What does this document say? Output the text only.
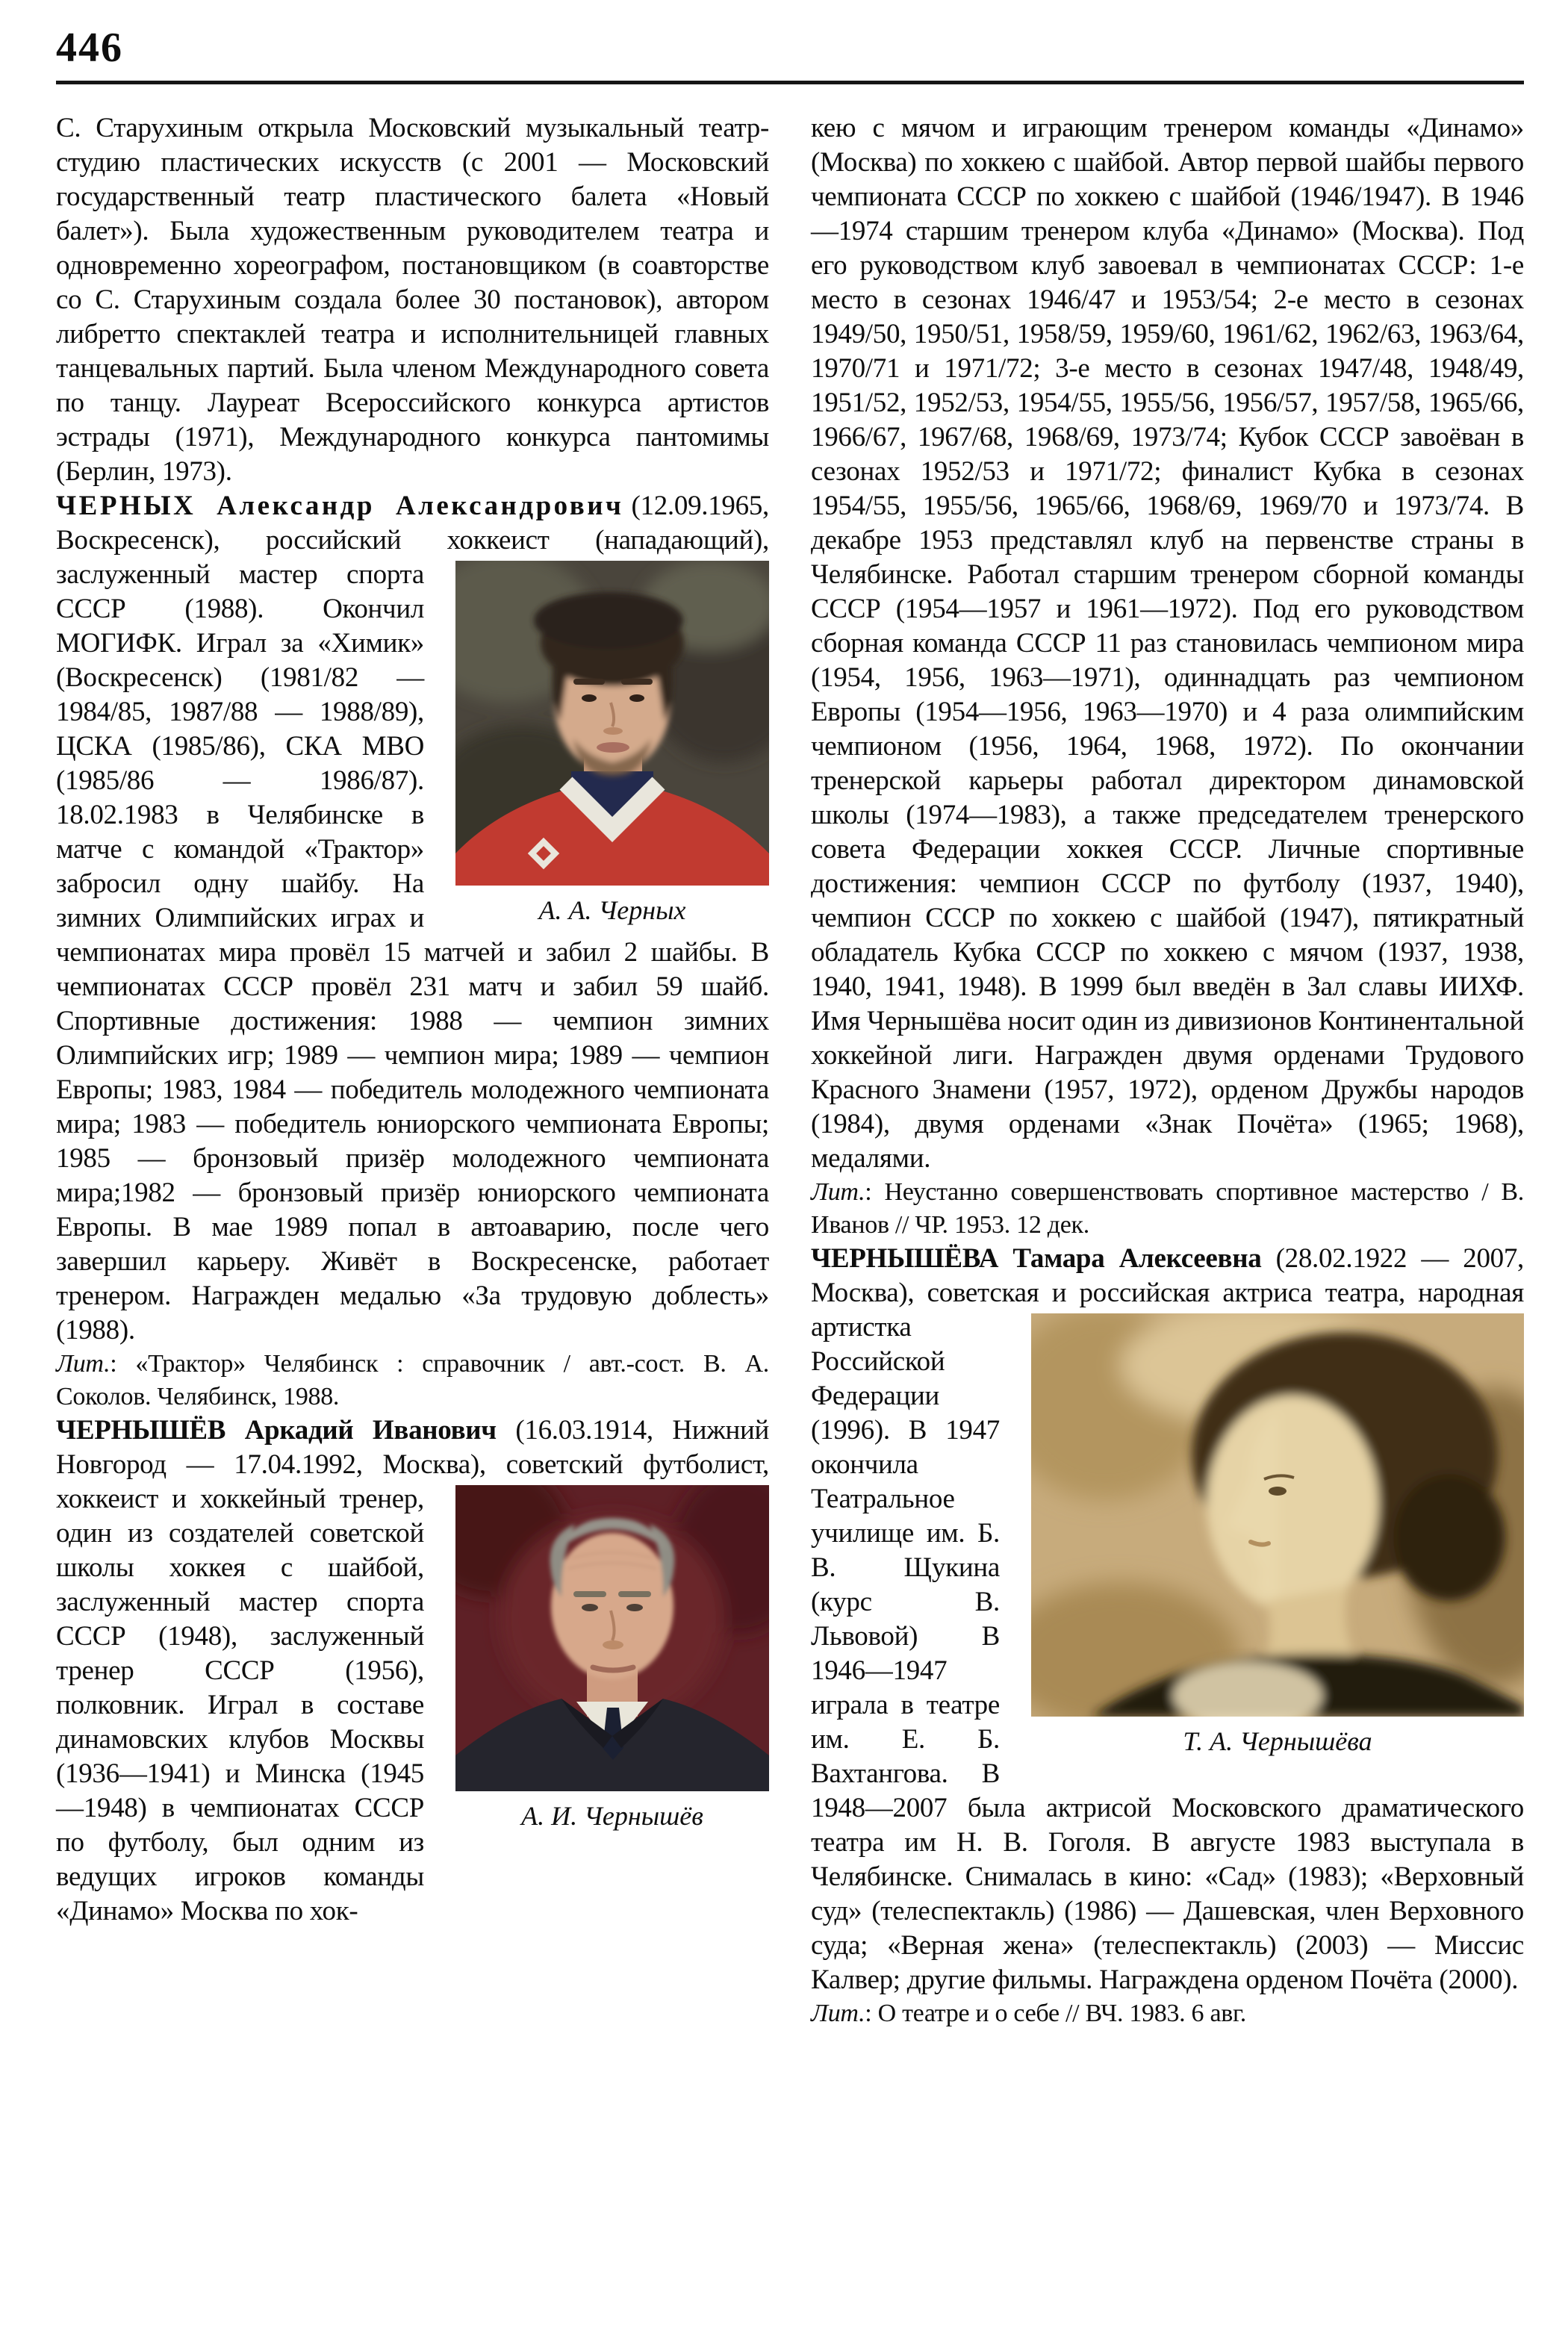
446

С. Старухиным открыла Московский музыкальный театр-студию пластических искусств (с 2001 — Московский государственный театр пластического балета «Новый балет»). Была художественным руководителем театра и одновременно хореографом, постановщиком (в соавторстве со С. Старухиным создала более 30 постановок), автором либретто спектаклей театра и исполнительницей главных танцевальных партий. Была членом Международного совета по танцу. Лауреат Всероссийского конкурса артистов эстрады (1971), Международного конкурса пантомимы (Берлин, 1973).

ЧЕРНЫХ Александр Александрович (12.09.1965, Воскресенск), российский хоккеист
А. А. Черных
(нападающий), заслуженный мастер спорта СССР (1988). Окончил МОГИФК. Играл за «Химик» (Воскресенск) (1981/82 — 1984/85, 1987/88 — 1988/89), ЦСКА (1985/86), СКА МВО (1985/86 — 1986/87). 18.02.1983 в Челябинске в матче с командой «Трактор» забросил одну шайбу. На зимних Олимпийских играх и чемпионатах мира провёл 15 матчей и забил 2 шайбы. В чемпионатах СССР провёл 231 матч и забил 59 шайб. Спортивные достижения: 1988 — чемпион зимних Олимпийских игр; 1989 — чемпион мира; 1989 — чемпион Европы; 1983, 1984 — победитель молодежного чемпионата мира; 1983 — победитель юниорского чемпионата Европы; 1985 — бронзовый призёр молодежного чемпионата мира;1982 — бронзовый призёр юниорского чемпионата Европы. В мае 1989 попал в автоаварию, после чего завершил карьеру. Живёт в Воскресенске, работает тренером. Награжден медалью «За трудовую доблесть» (1988).

Лит.: «Трактор» Челябинск : справочник / авт.-сост. В. А. Соколов. Челябинск, 1988.

ЧЕРНЫШЁВ Аркадий Иванович (16.03.1914, Нижний Новгород — 17.04.1992, Москва), советский
А. И. Чернышёв
футболист, хоккеист и хоккейный тренер, один из создателей советской школы хоккея с шайбой, заслуженный мастер спорта СССР (1948), заслуженный тренер СССР (1956), полковник. Играл в составе динамовских клубов Москвы (1936—1941) и Минска (1945—1948) в чемпионатах СССР по футболу, был одним из ведущих игроков команды «Динамо» Москва по хок-

кею с мячом и играющим тренером команды «Динамо» (Москва) по хоккею с шайбой. Автор первой шайбы первого чемпионата СССР по хоккею с шайбой (1946/1947). В 1946—1974 старшим тренером клуба «Динамо» (Москва). Под его руководством клуб завоевал в чемпионатах СССР: 1-е место в сезонах 1946/47 и 1953/54; 2-е место в сезонах 1949/50, 1950/51, 1958/59, 1959/60, 1961/62, 1962/63, 1963/64, 1970/71 и 1971/72; 3-е место в сезонах 1947/48, 1948/49, 1951/52, 1952/53, 1954/55, 1955/56, 1956/57, 1957/58, 1965/66, 1966/67, 1967/68, 1968/69, 1973/74; Кубок СССР завоёван в сезонах 1952/53 и 1971/72; финалист Кубка в сезонах 1954/55, 1955/56, 1965/66, 1968/69, 1969/70 и 1973/74. В декабре 1953 представлял клуб на первенстве страны в Челябинске. Работал старшим тренером сборной команды СССР (1954—1957 и 1961—1972). Под его руководством сборная команда СССР 11 раз становилась чемпионом мира (1954, 1956, 1963—1971), одиннадцать раз чемпионом Европы (1954—1956, 1963—1970) и 4 раза олимпийским чемпионом (1956, 1964, 1968, 1972). По окончании тренерской карьеры работал директором динамовской школы (1974—1983), а также председателем тренерского совета Федерации хоккея СССР. Личные спортивные достижения: чемпион СССР по футболу (1937, 1940), чемпион СССР по хоккею с шайбой (1947), пятикратный обладатель Кубка СССР по хоккею с мячом (1937, 1938, 1940, 1941, 1948). В 1999 был введён в Зал славы ИИХФ. Имя Чернышёва носит один из дивизионов Континентальной хоккейной лиги. Награжден двумя орденами Трудового Красного Знамени (1957, 1972), орденом Дружбы народов (1984), двумя орденами «Знак Почёта» (1965; 1968), медалями.

Лит.: Неустанно совершенствовать спортивное мастерство / В. Иванов // ЧР. 1953. 12 дек.

ЧЕРНЫШЁВА Тамара Алексеевна (28.02.1922 — 2007, Москва), советская и российская актриса
Т. А. Чернышёва
театра, народная артистка Российской Федерации (1996). В 1947 окончила Театральное училище им. Б. В. Щукина (курс В. Львовой) В 1946—1947 играла в театре им. Е. Б. Вахтангова. В 1948—2007 была актрисой Московского драматического театра им Н. В. Гоголя. В августе 1983 выступала в Челябинске. Снималась в кино: «Сад» (1983); «Верховный суд» (телеспектакль) (1986) — Дашевская, член Верховного суда; «Верная жена» (телеспектакль) (2003) — Миссис Калвер; другие фильмы. Награждена орденом Почёта (2000).

Лит.: О театре и о себе // ВЧ. 1983. 6 авг.
